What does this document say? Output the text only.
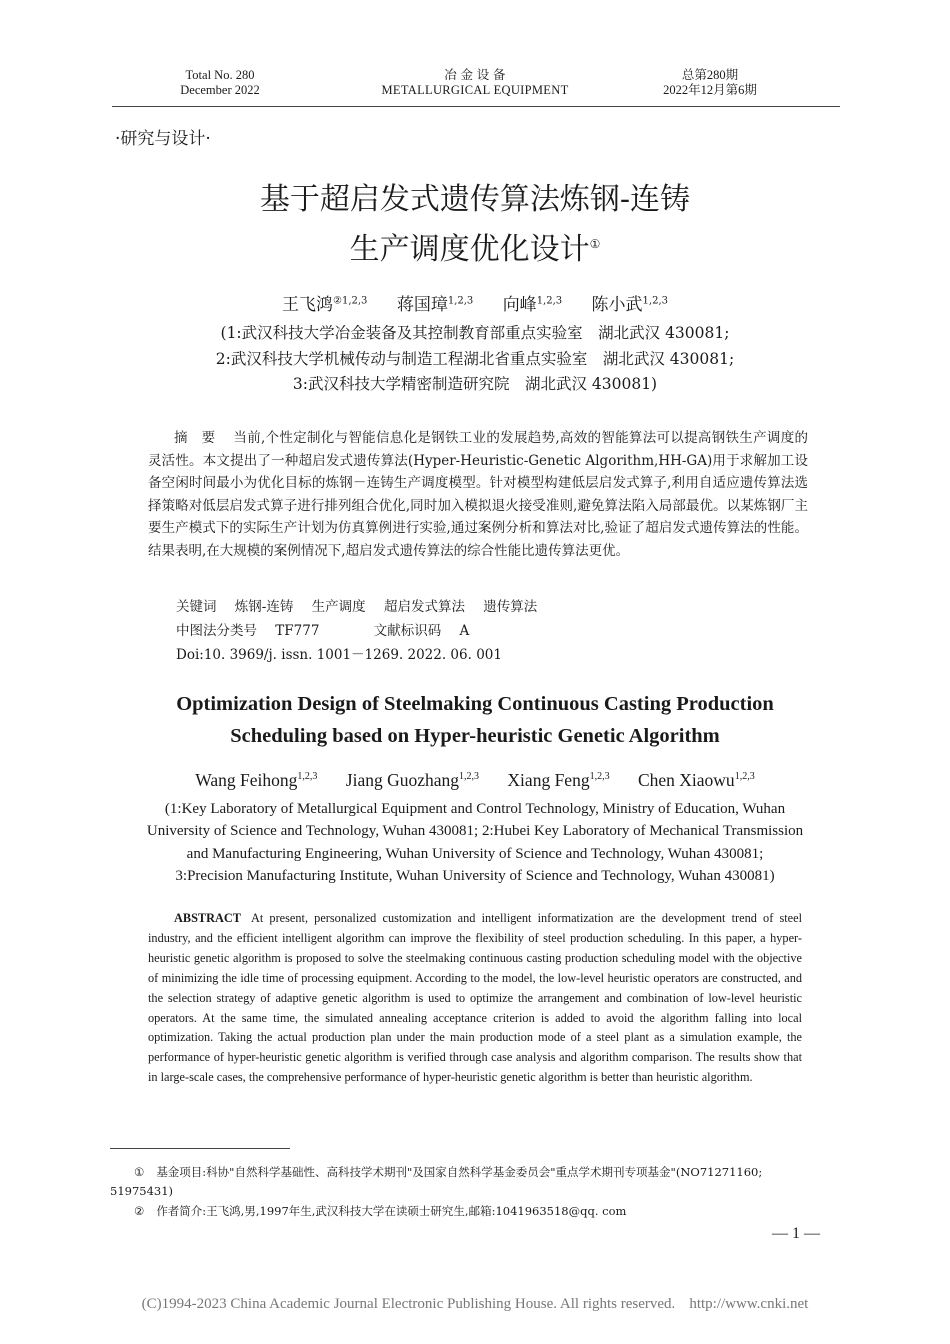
Total No. 280
December 2022
冶 金 设 备
METALLURGICAL EQUIPMENT
总第280期
2022年12月第6期
·研究与设计·
基于超启发式遗传算法炼钢-连铸
生产调度优化设计①
王飞鸿$^{②1,2,3}$ 蒋国璋$^{1,2,3}$ 向峰$^{1,2,3}$ 陈小武$^{1,2,3}$
(1:武汉科技大学冶金装备及其控制教育部重点实验室　湖北武汉 430081;
2:武汉科技大学机械传动与制造工程湖北省重点实验室　湖北武汉 430081;
3:武汉科技大学精密制造研究院　湖北武汉 430081)
摘　要 当前,个性定制化与智能信息化是钢铁工业的发展趋势,高效的智能算法可以提高钢铁生产调度的灵活性。本文提出了一种超启发式遗传算法(Hyper-Heuristic-Genetic Algorithm,HH-GA)用于求解加工设备空闲时间最小为优化目标的炼钢－连铸生产调度模型。针对模型构建低层启发式算子,利用自适应遗传算法选择策略对低层启发式算子进行排列组合优化,同时加入模拟退火接受准则,避免算法陷入局部最优。以某炼钢厂主要生产模式下的实际生产计划为仿真算例进行实验,通过案例分析和算法对比,验证了超启发式遗传算法的性能。结果表明,在大规模的案例情况下,超启发式遗传算法的综合性能比遗传算法更优。
关键词 炼钢-连铸 生产调度 超启发式算法 遗传算法
中图法分类号 TF777	文献标识码 A
Doi:10. 3969/j. issn. 1001－1269. 2022. 06. 001
Optimization Design of Steelmaking Continuous Casting Production
Scheduling based on Hyper-heuristic Genetic Algorithm
Wang Feihong$^{1,2,3}$ Jiang Guozhang$^{1,2,3}$ Xiang Feng$^{1,2,3}$ Chen Xiaowu$^{1,2,3}$
(1:Key Laboratory of Metallurgical Equipment and Control Technology, Ministry of Education, Wuhan
University of Science and Technology, Wuhan 430081; 2:Hubei Key Laboratory of Mechanical Transmission
and Manufacturing Engineering, Wuhan University of Science and Technology, Wuhan 430081;
3:Precision Manufacturing Institute, Wuhan University of Science and Technology, Wuhan 430081)
ABSTRACT At present, personalized customization and intelligent informatization are the development trend of steel industry, and the efficient intelligent algorithm can improve the flexibility of steel production scheduling. In this paper, a hyper-heuristic genetic algorithm is proposed to solve the steelmaking continuous casting production scheduling model with the objective of minimizing the idle time of processing equipment. According to the model, the low-level heuristic operators are constructed, and the selection strategy of adaptive genetic algorithm is used to optimize the arrangement and combination of low-level heuristic operators. At the same time, the simulated annealing acceptance criterion is added to avoid the algorithm falling into local optimization. Taking the actual production plan under the main production mode of a steel plant as a simulation example, the performance of hyper-heuristic genetic algorithm is verified through case analysis and algorithm comparison. The results show that in large-scale cases, the comprehensive performance of hyper-heuristic genetic algorithm is better than heuristic algorithm.
① 基金项目:科协"自然科学基础性、高科技学术期刊"及国家自然科学基金委员会"重点学术期刊专项基金"(NO71271160;
51975431)
② 作者简介:王飞鸿,男,1997年生,武汉科技大学在读硕士研究生,邮箱:1041963518@qq. com
— 1 —
(C)1994-2023 China Academic Journal Electronic Publishing House. All rights reserved. http://www.cnki.net
